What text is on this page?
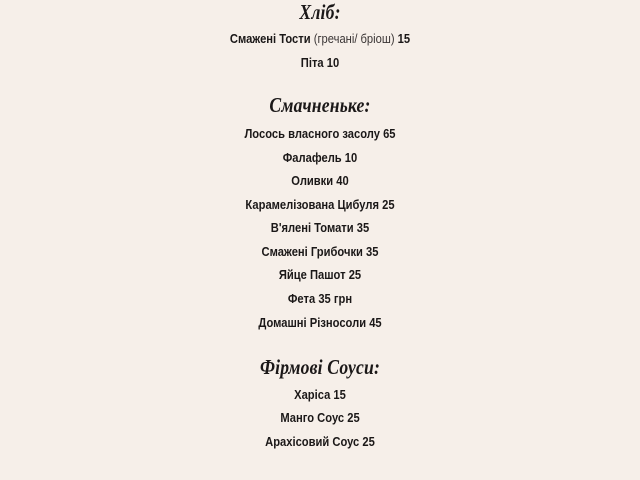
Хліб:
Смажені Тости (гречані/ бріош) 15
Піта 10
Смачненьке:
Лосось власного засолу 65
Фалафель 10
Оливки 40
Карамелізована Цибуля 25
В'ялені Томати 35
Смажені Грибочки 35
Яйце Пашот 25
Фета 35 грн
Домашні Різносоли 45
Фірмові Соуси:
Харіса 15
Манго Соус 25
Арахісовий Соус 25
